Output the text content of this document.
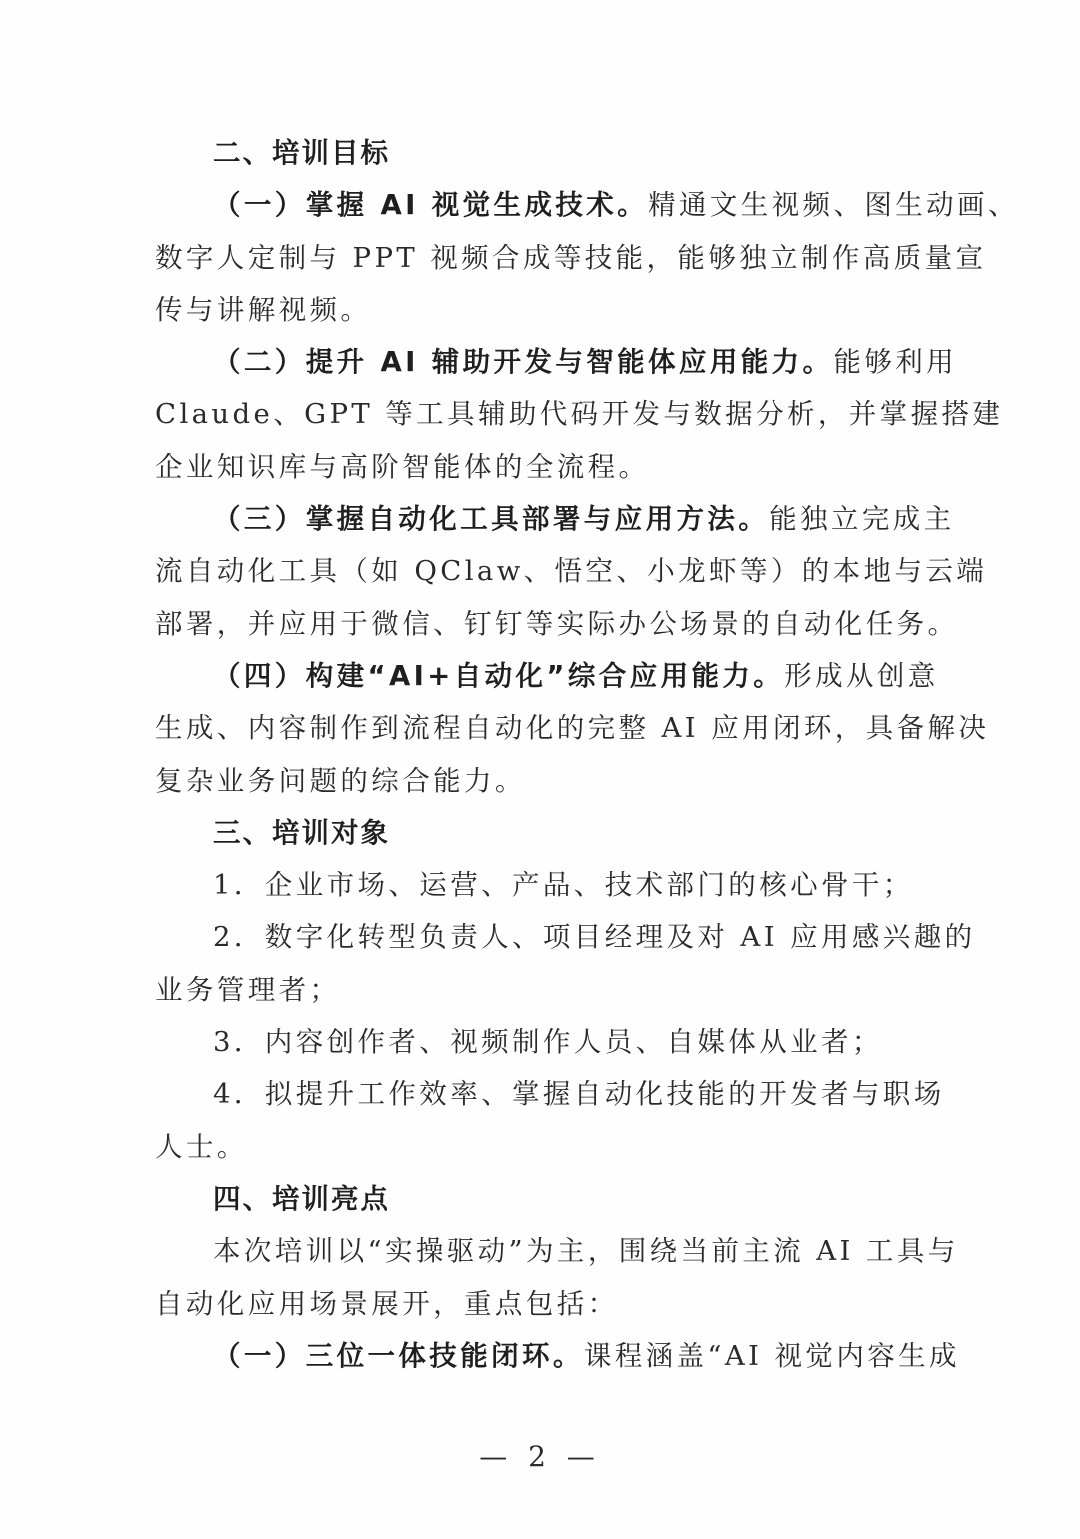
二、培训目标
（一）掌握 AI 视觉生成技术。精通文生视频、图生动画、
数字人定制与 PPT 视频合成等技能，能够独立制作高质量宣
传与讲解视频。
（二）提升 AI 辅助开发与智能体应用能力。能够利用
Claude、GPT 等工具辅助代码开发与数据分析，并掌握搭建
企业知识库与高阶智能体的全流程。
（三）掌握自动化工具部署与应用方法。能独立完成主
流自动化工具（如 QClaw、悟空、小龙虾等）的本地与云端
部署，并应用于微信、钉钉等实际办公场景的自动化任务。
（四）构建“AI+自动化”综合应用能力。形成从创意
生成、内容制作到流程自动化的完整 AI 应用闭环，具备解决
复杂业务问题的综合能力。
三、培训对象
1．企业市场、运营、产品、技术部门的核心骨干；
2．数字化转型负责人、项目经理及对 AI 应用感兴趣的
业务管理者；
3．内容创作者、视频制作人员、自媒体从业者；
4．拟提升工作效率、掌握自动化技能的开发者与职场
人士。
四、培训亮点
本次培训以“实操驱动”为主，围绕当前主流 AI 工具与
自动化应用场景展开，重点包括：
（一）三位一体技能闭环。课程涵盖“AI 视觉内容生成
— 2 —
